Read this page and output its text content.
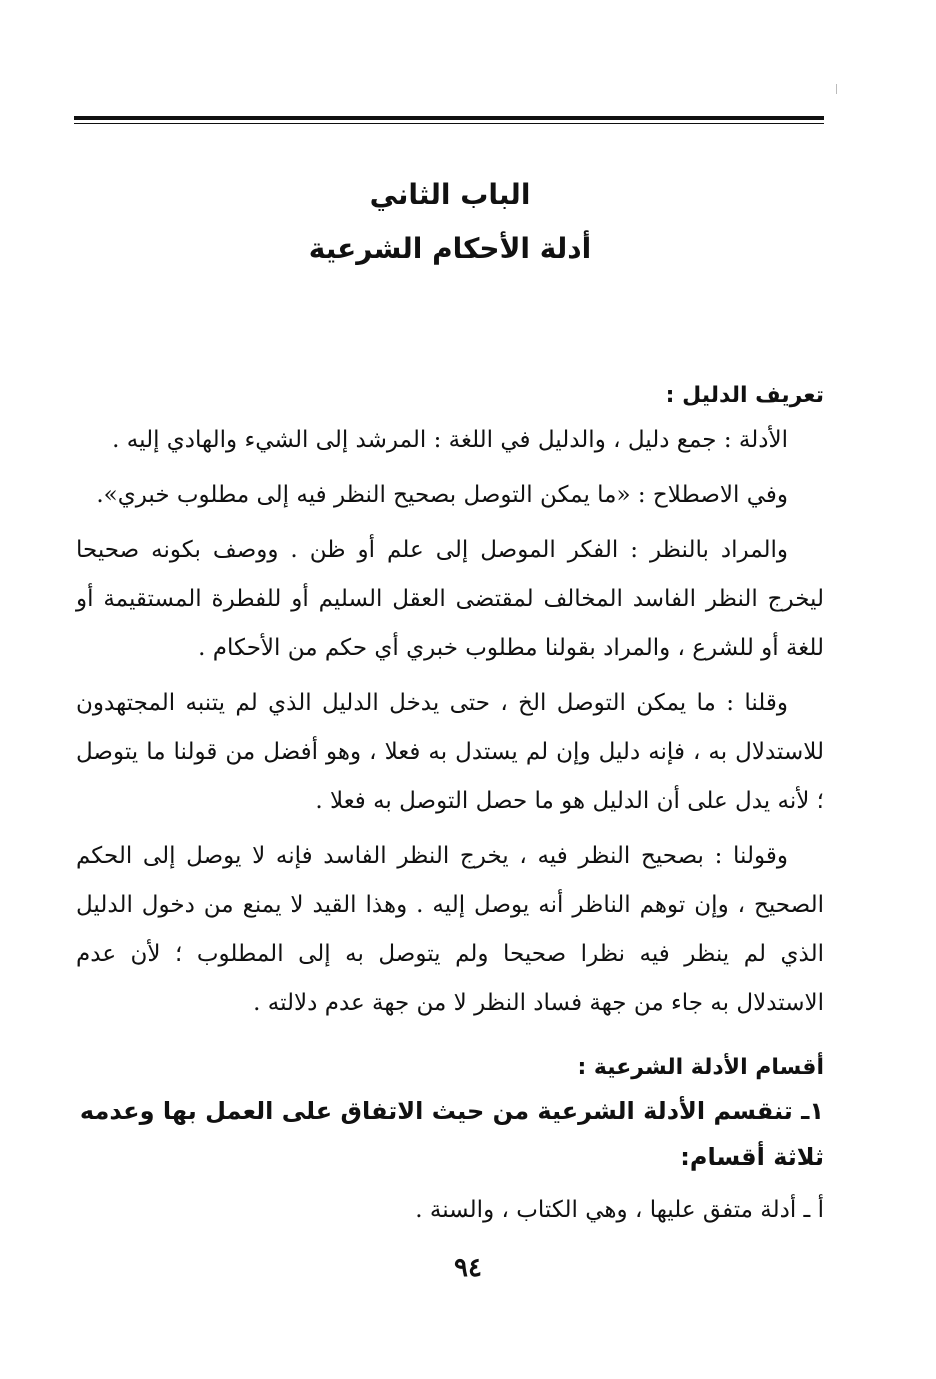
الباب الثاني
أدلة الأحكام الشرعية
تعريف الدليل :

الأدلة : جمع دليل ، والدليل في اللغة : المرشد إلى الشيء والهادي إليه .

وفي الاصطلاح : «ما يمكن التوصل بصحيح النظر فيه إلى مطلوب خبري».

والمراد بالنظر : الفكر الموصل إلى علم أو ظن . ووصف بكونه صحيحا ليخرج النظر الفاسد المخالف لمقتضى العقل السليم أو للفطرة المستقيمة أو للغة أو للشرع ، والمراد بقولنا مطلوب خبري أي حكم من الأحكام .

وقلنا : ما يمكن التوصل الخ ، حتى يدخل الدليل الذي لم يتنبه المجتهدون للاستدلال به ، فإنه دليل وإن لم يستدل به فعلا ، وهو أفضل من قولنا ما يتوصل ؛ لأنه يدل على أن الدليل هو ما حصل التوصل به فعلا .

وقولنا : بصحيح النظر فيه ، يخرج النظر الفاسد فإنه لا يوصل إلى الحكم الصحيح ، وإن توهم الناظر أنه يوصل إليه . وهذا القيد لا يمنع من دخول الدليل الذي لم ينظر فيه نظرا صحيحا ولم يتوصل به إلى المطلوب ؛ لأن عدم الاستدلال به جاء من جهة فساد النظر لا من جهة عدم دلالته .

أقسام الأدلة الشرعية :

١ـ تنقسم الأدلة الشرعية من حيث الاتفاق على العمل بها وعدمه ثلاثة أقسام:

أ ـ أدلة متفق عليها ، وهي الكتاب ، والسنة .

٩٤
